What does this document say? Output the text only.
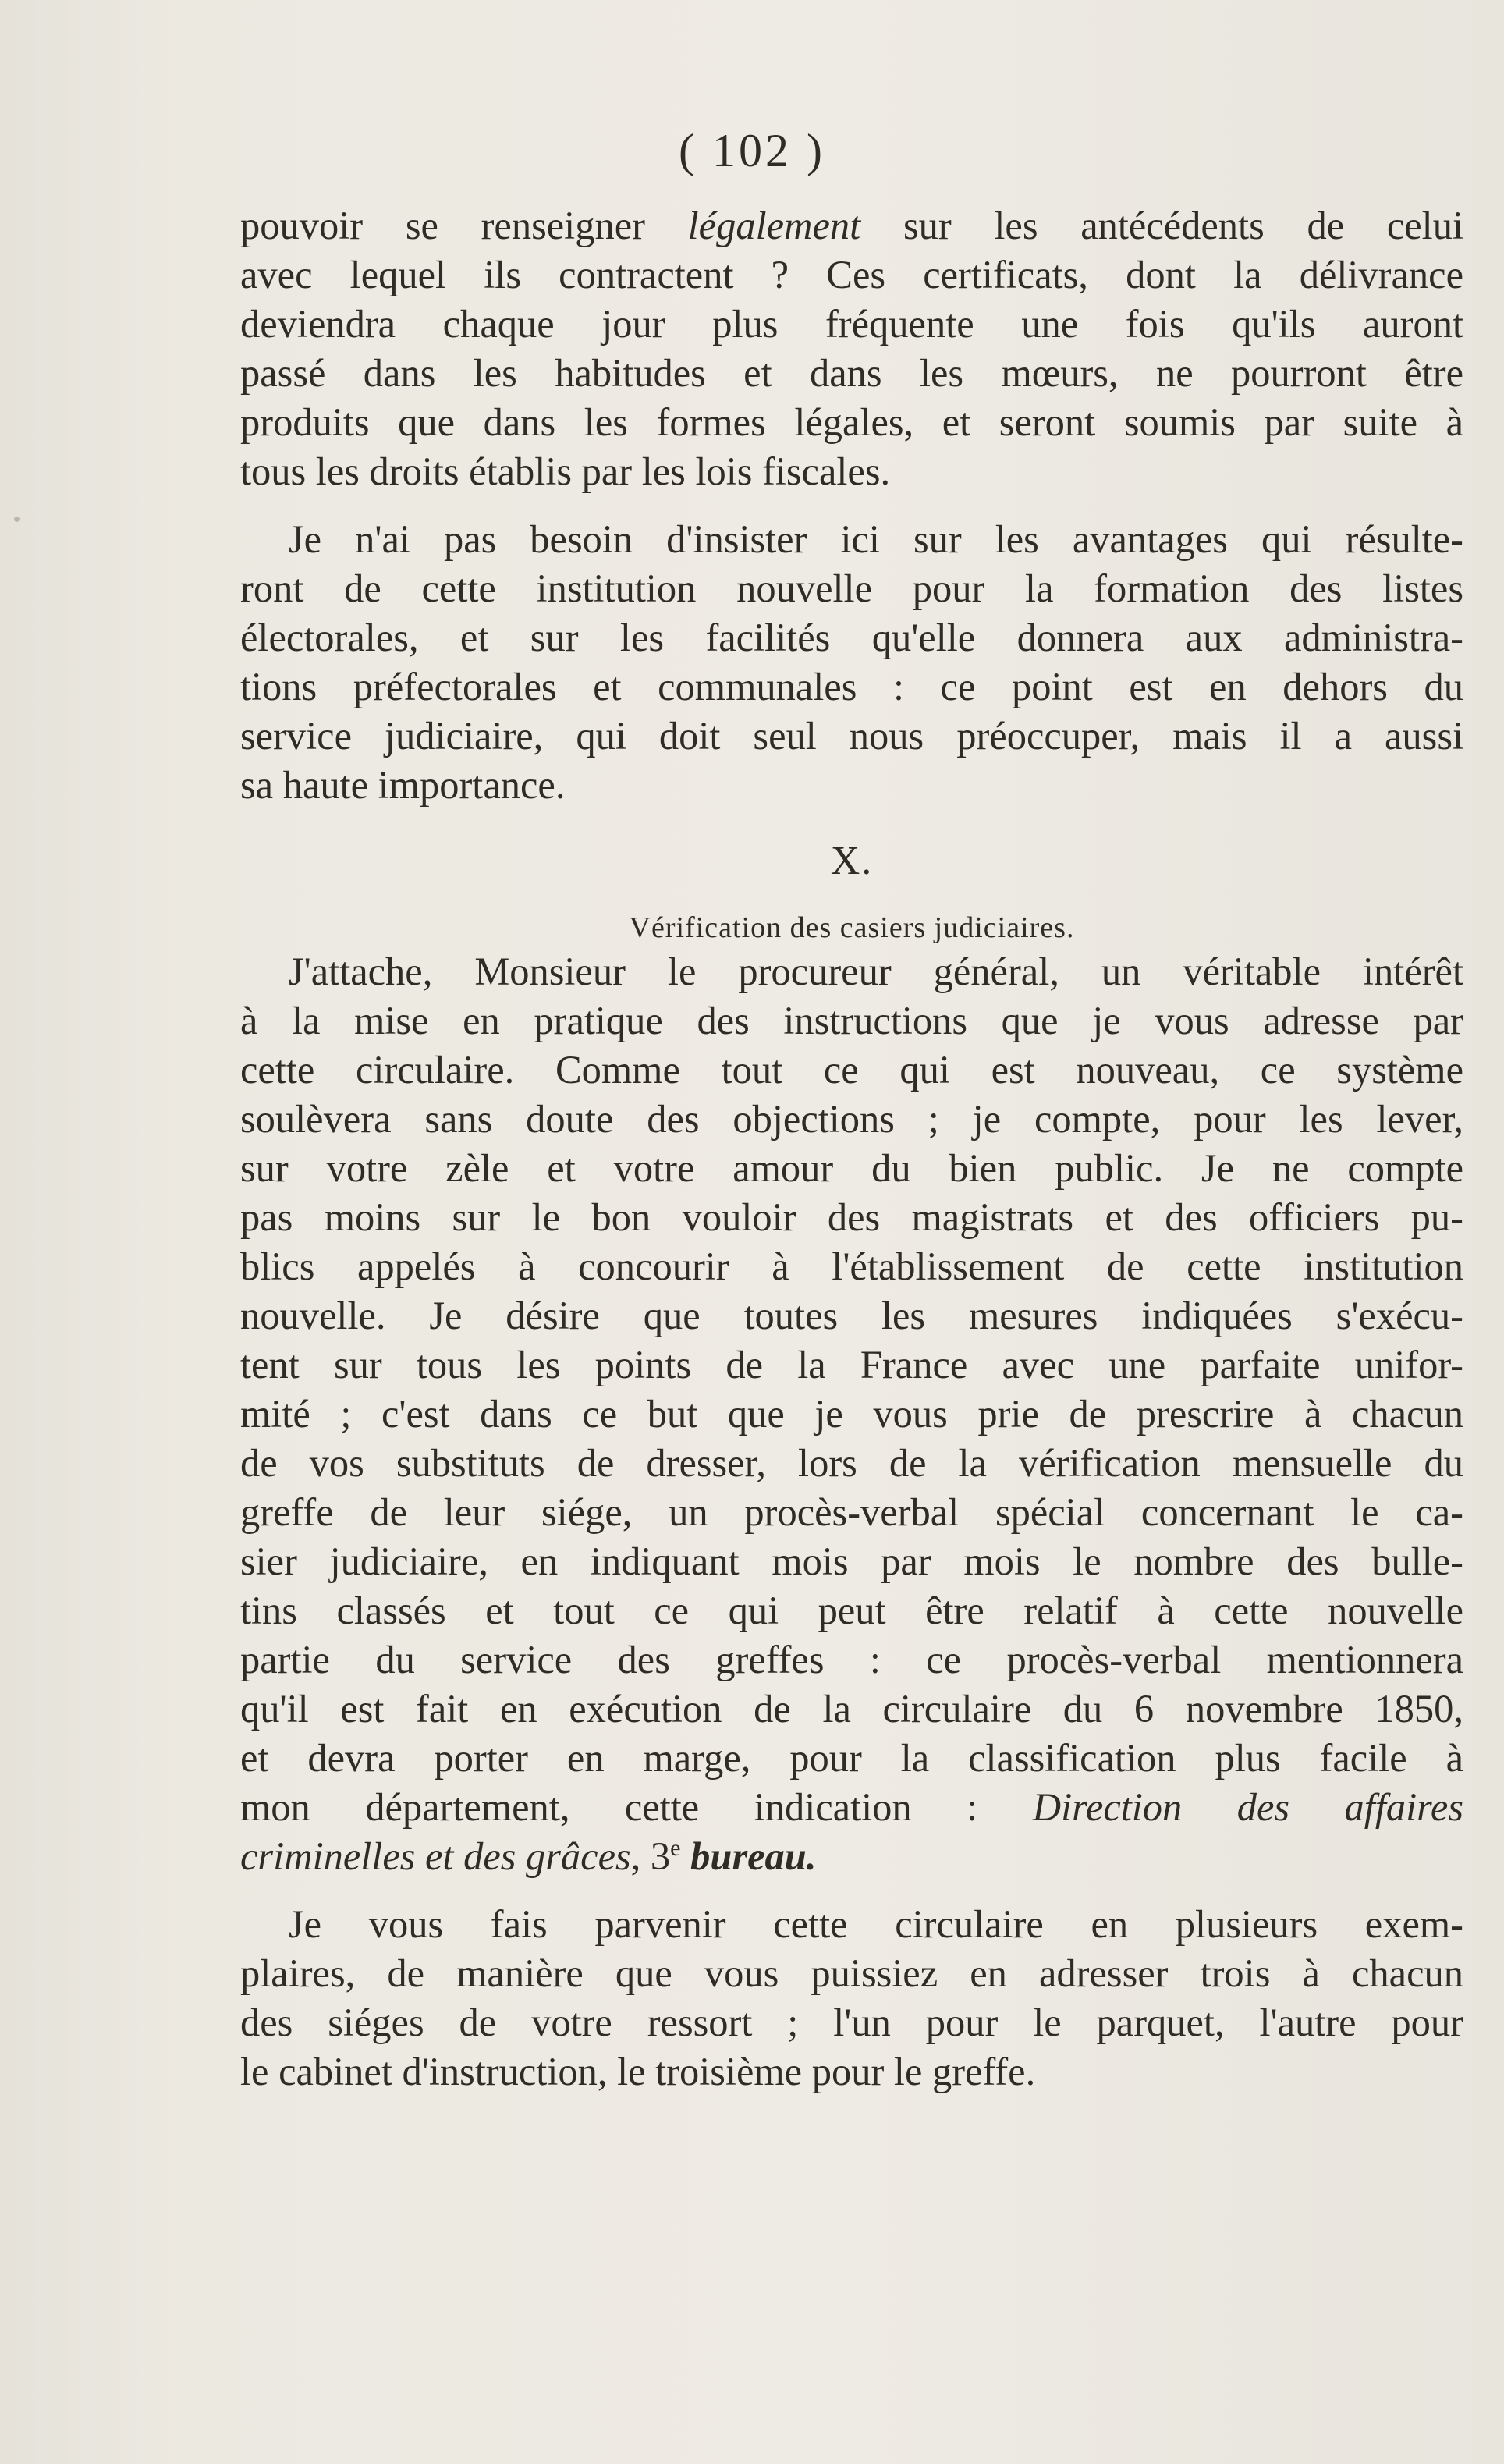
( 102 )

pouvoir se renseigner légalement sur les antécédents de celui

avec lequel ils contractent ? Ces certificats, dont la délivrance

deviendra chaque jour plus fréquente une fois qu'ils auront

passé dans les habitudes et dans les mœurs, ne pourront être

produits que dans les formes légales, et seront soumis par suite à

tous les droits établis par les lois fiscales.

Je n'ai pas besoin d'insister ici sur les avantages qui résulte-

ront de cette institution nouvelle pour la formation des listes

électorales, et sur les facilités qu'elle donnera aux administra-

tions préfectorales et communales : ce point est en dehors du

service judiciaire, qui doit seul nous préoccuper, mais il a aussi

sa haute importance.

X.
Vérification des casiers judiciaires.

J'attache, Monsieur le procureur général, un véritable intérêt

à la mise en pratique des instructions que je vous adresse par

cette circulaire. Comme tout ce qui est nouveau, ce système

soulèvera sans doute des objections ; je compte, pour les lever,

sur votre zèle et votre amour du bien public. Je ne compte

pas moins sur le bon vouloir des magistrats et des officiers pu-

blics appelés à concourir à l'établissement de cette institution

nouvelle. Je désire que toutes les mesures indiquées s'exécu-

tent sur tous les points de la France avec une parfaite unifor-

mité ; c'est dans ce but que je vous prie de prescrire à chacun

de vos substituts de dresser, lors de la vérification mensuelle du

greffe de leur siége, un procès-verbal spécial concernant le ca-

sier judiciaire, en indiquant mois par mois le nombre des bulle-

tins classés et tout ce qui peut être relatif à cette nouvelle

partie du service des greffes : ce procès-verbal mentionnera

qu'il est fait en exécution de la circulaire du 6 novembre 1850,

et devra porter en marge, pour la classification plus facile à

mon département, cette indication : Direction des affaires

criminelles et des grâces, 3e bureau.

Je vous fais parvenir cette circulaire en plusieurs exem-

plaires, de manière que vous puissiez en adresser trois à chacun

des siéges de votre ressort ; l'un pour le parquet, l'autre pour

le cabinet d'instruction, le troisième pour le greffe.
